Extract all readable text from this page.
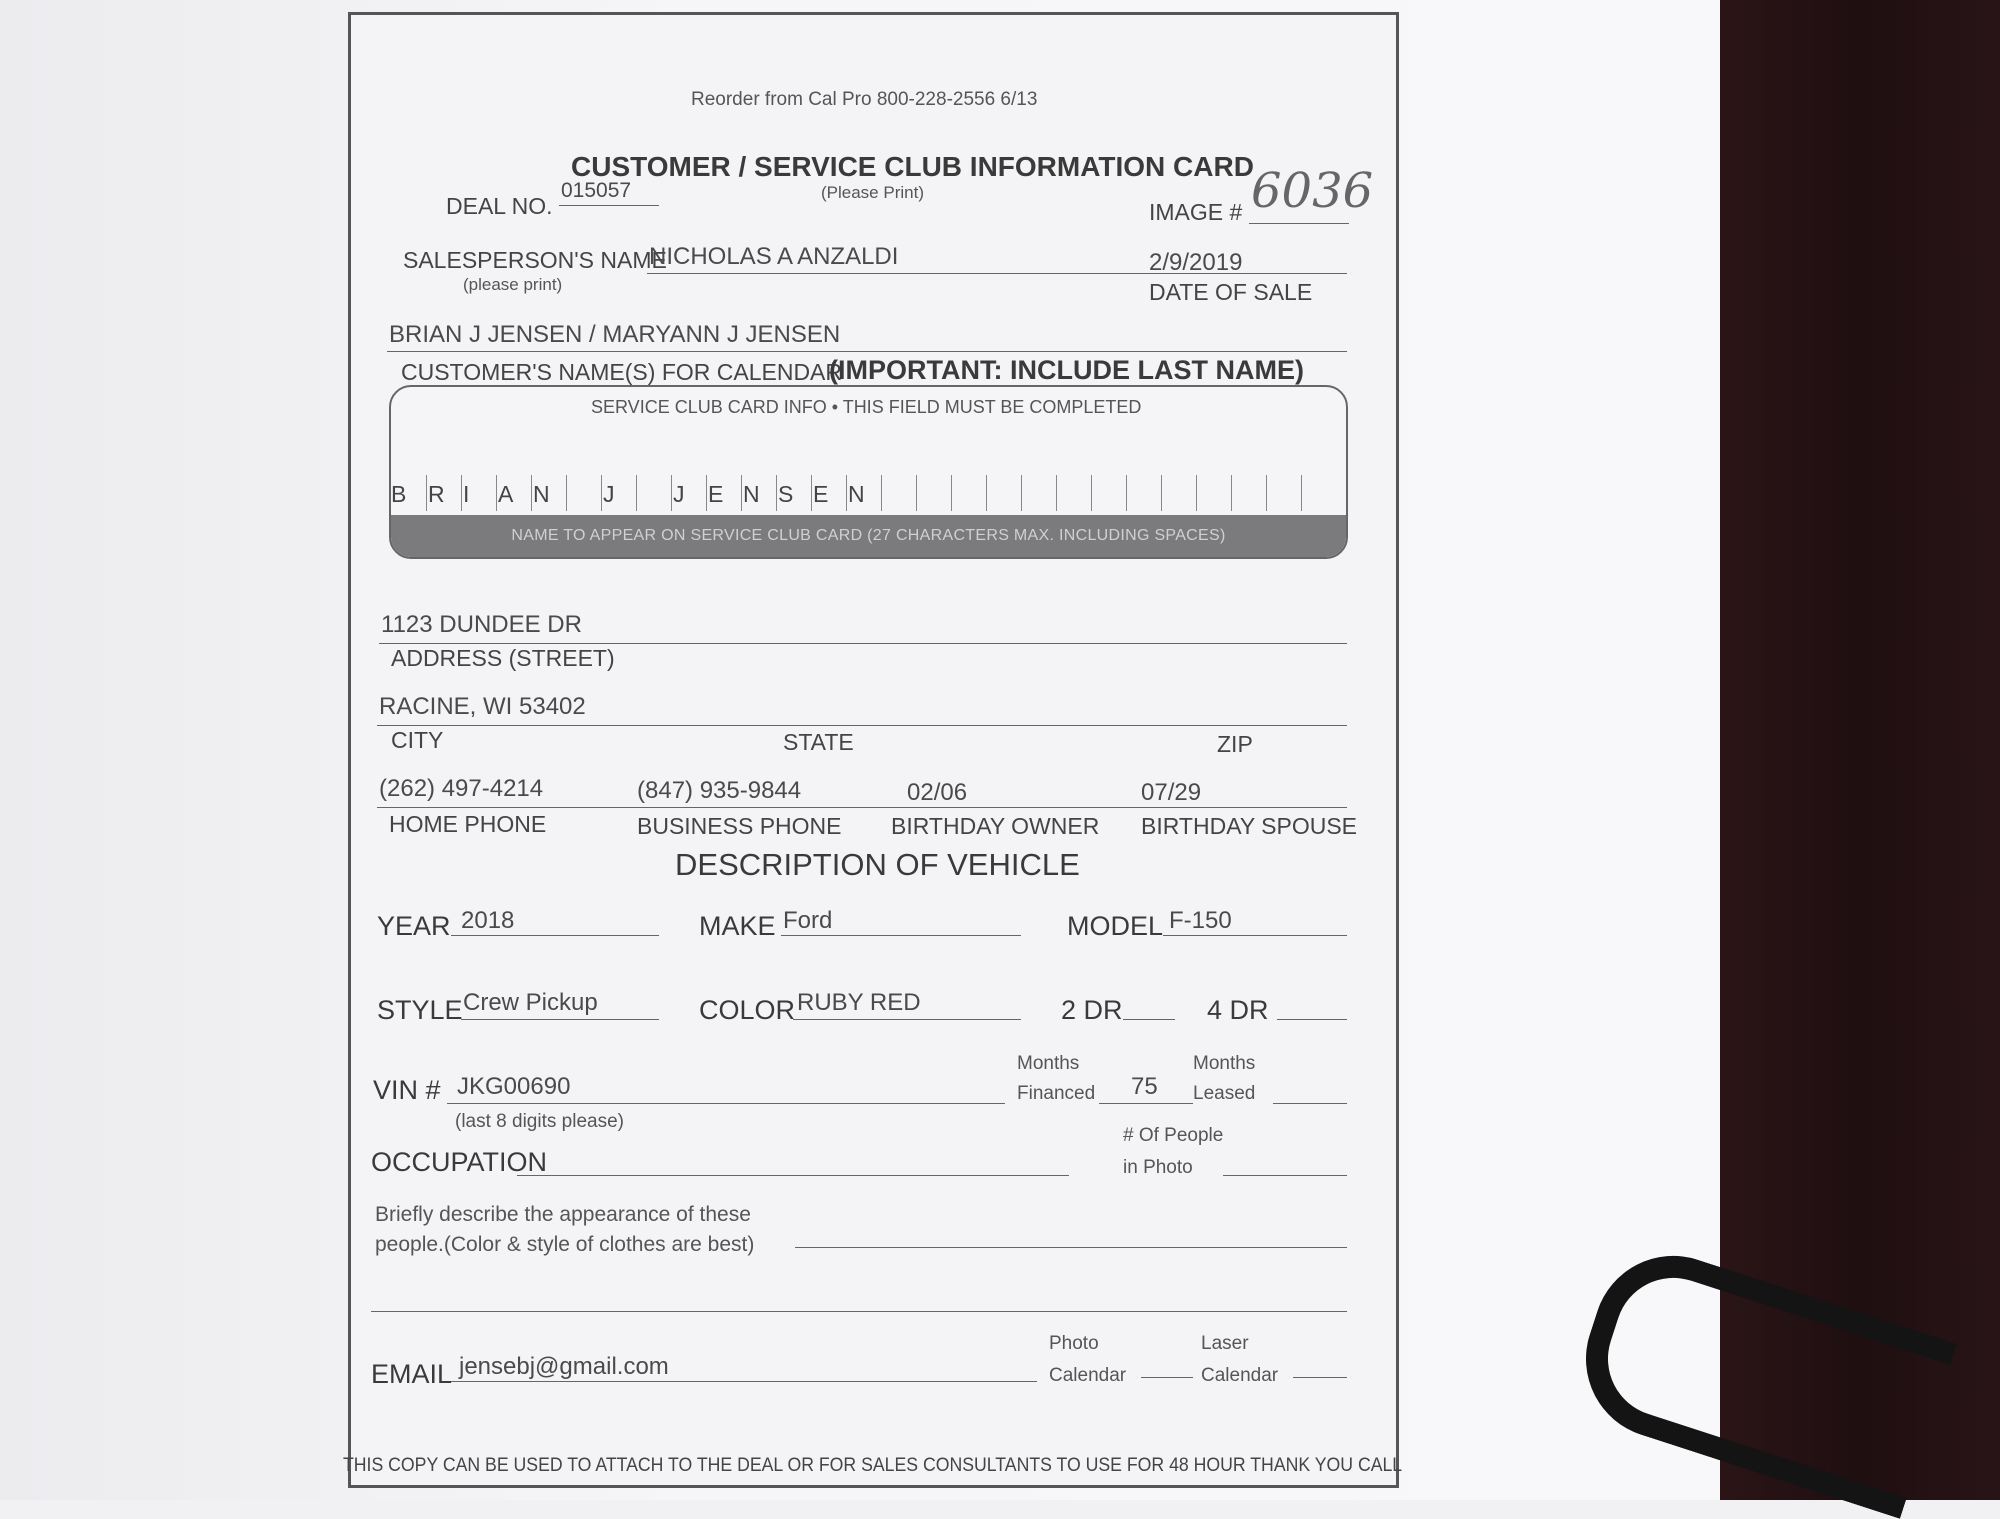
Reorder from Cal Pro 800-228-2556 6/13
CUSTOMER / SERVICE CLUB INFORMATION CARD
(Please Print)
DEAL NO.
015057
IMAGE # 6036
SALESPERSON'S NAME
(please print)
NICHOLAS A ANZALDI	2/9/2019
DATE OF SALE
BRIAN J JENSEN / MARYANN J JENSEN
CUSTOMER'S NAME(S) FOR CALENDAR
(IMPORTANT: INCLUDE LAST NAME)
SERVICE CLUB CARD INFO • THIS FIELD MUST BE COMPLETED
B R I A N J	J E N S E N
NAME TO APPEAR ON SERVICE CLUB CARD (27 CHARACTERS MAX. INCLUDING SPACES)
1123 DUNDEE DR
ADDRESS (STREET)
RACINE, WI 53402
CITY	STATE	ZIP
(262) 497-4214	(847) 935-9844	02/06	07/29
HOME PHONE	BUSINESS PHONE BIRTHDAY OWNER BIRTHDAY SPOUSE
DESCRIPTION OF VEHICLE
YEAR 2018	MAKE Ford	MODEL F-150
STYLE Crew Pickup	COLOR RUBY RED	2 DR	4 DR
VIN # JKG00690
(last 8 digits please)
Months
Financed 75
Months
Leased
OCCUPATION
# Of People
in Photo
Briefly describe the appearance of these
people.(Color & style of clothes are best)
EMAIL jensebj@gmail.com
Photo
Calendar
Laser
Calendar
THIS COPY CAN BE USED TO ATTACH TO THE DEAL OR FOR SALES CONSULTANTS TO USE FOR 48 HOUR THANK YOU CALL
